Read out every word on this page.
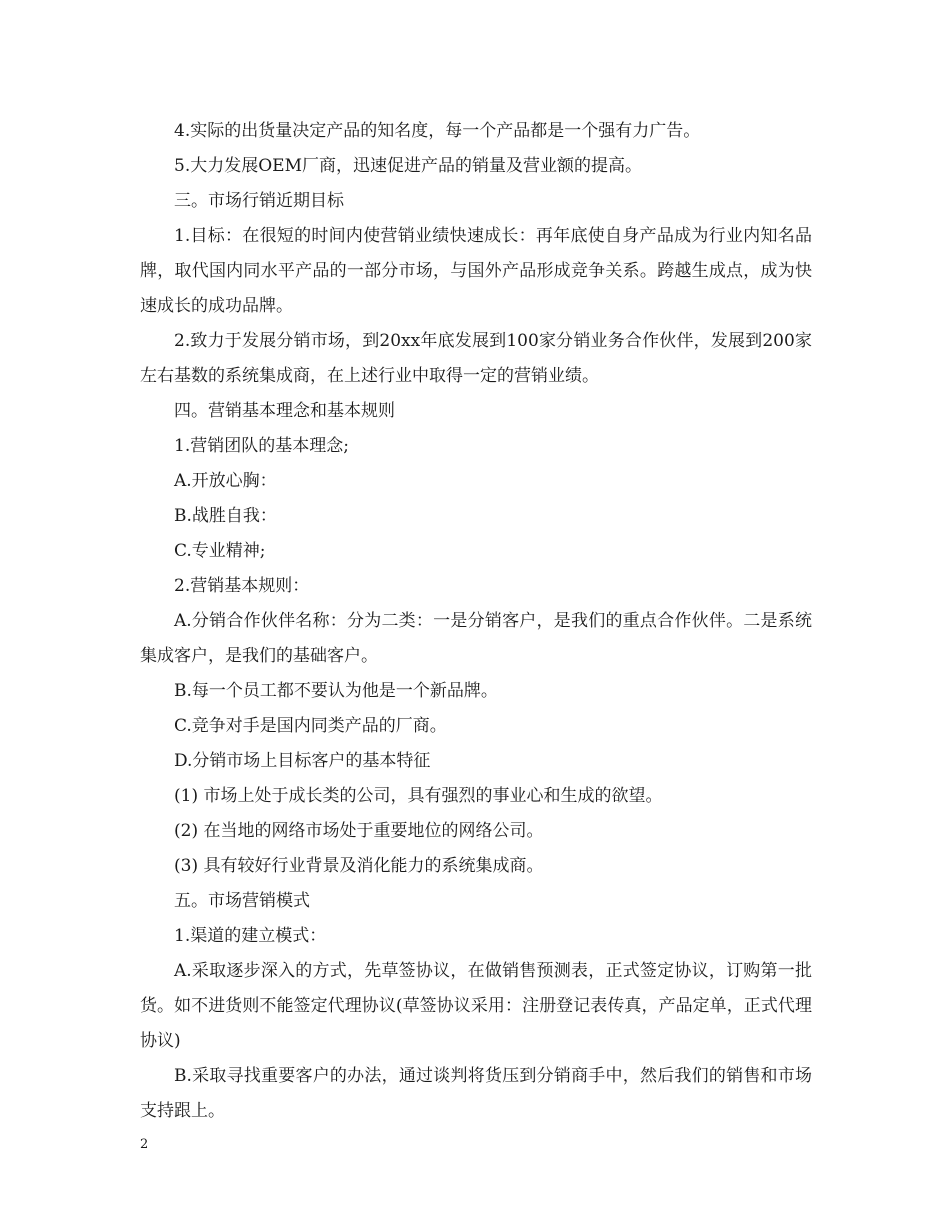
4.实际的出货量决定产品的知名度，每一个产品都是一个强有力广告。

5.大力发展OEM厂商，迅速促进产品的销量及营业额的提高。

三。市场行销近期目标

1.目标：在很短的时间内使营销业绩快速成长：再年底使自身产品成为行业内知名品牌，取代国内同水平产品的一部分市场，与国外产品形成竞争关系。跨越生成点，成为快速成长的成功品牌。

2.致力于发展分销市场，到20xx年底发展到100家分销业务合作伙伴，发展到200家左右基数的系统集成商，在上述行业中取得一定的营销业绩。

四。营销基本理念和基本规则

1.营销团队的基本理念;

A.开放心胸：

B.战胜自我：

C.专业精神;

2.营销基本规则：

A.分销合作伙伴名称：分为二类：一是分销客户，是我们的重点合作伙伴。二是系统集成客户，是我们的基础客户。

B.每一个员工都不要认为他是一个新品牌。

C.竞争对手是国内同类产品的厂商。

D.分销市场上目标客户的基本特征

(1) 市场上处于成长类的公司，具有强烈的事业心和生成的欲望。

(2) 在当地的网络市场处于重要地位的网络公司。

(3) 具有较好行业背景及消化能力的系统集成商。

五。市场营销模式

1.渠道的建立模式：

A.采取逐步深入的方式，先草签协议，在做销售预测表，正式签定协议，订购第一批货。如不进货则不能签定代理协议(草签协议采用：注册登记表传真，产品定单，正式代理协议)

B.采取寻找重要客户的办法，通过谈判将货压到分销商手中，然后我们的销售和市场支持跟上。

2
